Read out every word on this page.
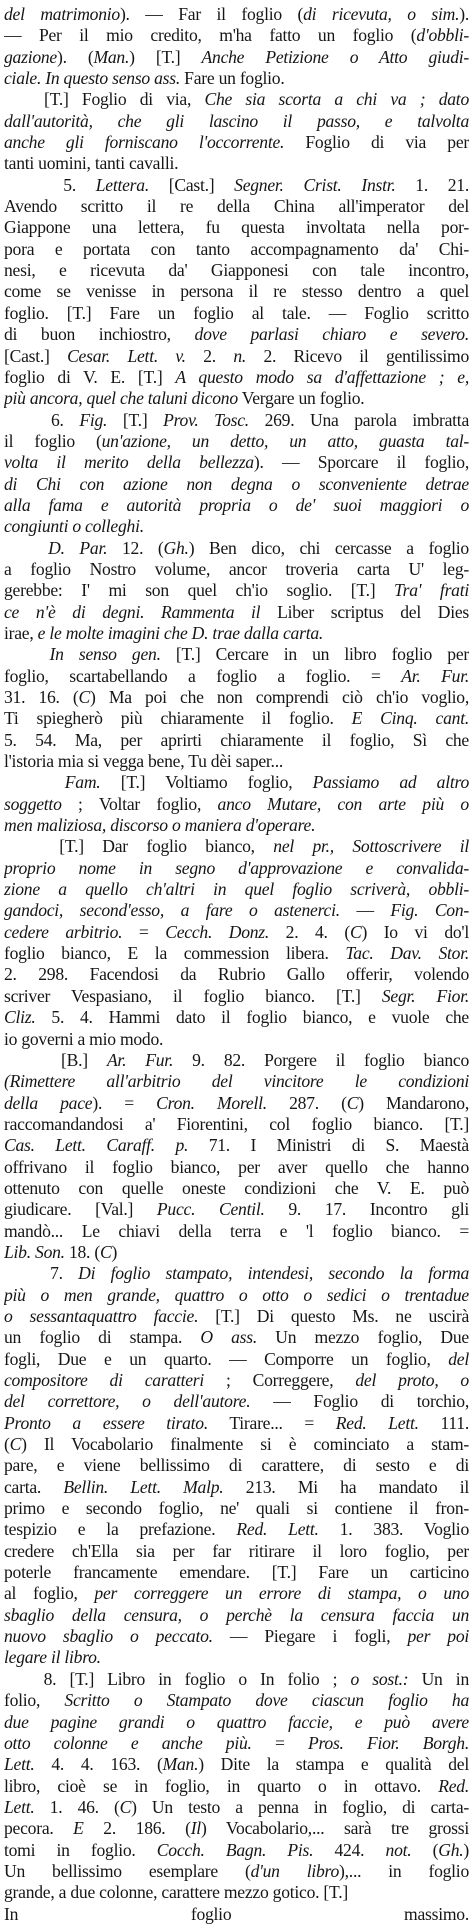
del matrimonio). — Far il foglio (di ricevuta, o sim.).
— Per il mio credito, m'ha fatto un foglio (d'obbli-
gazione). (Man.) [T.] Anche Petizione o Atto giudi-
ciale. In questo senso ass. Fare un foglio.
[T.] Foglio di via, Che sia scorta a chi va ; dato
dall'autorità, che gli lascino il passo, e talvolta
anche gli forniscano l'occorrente. Foglio di via per
tanti uomini, tanti cavalli.
5. Lettera. [Cast.] Segner. Crist. Instr. 1. 21.
Avendo scritto il re della China all'imperator del
Giappone una lettera, fu questa involtata nella por-
pora e portata con tanto accompagnamento da' Chi-
nesi, e ricevuta da' Giapponesi con tale incontro,
come se venisse in persona il re stesso dentro a quel
foglio. [T.] Fare un foglio al tale. — Foglio scritto
di buon inchiostro, dove parlasi chiaro e severo.
[Cast.] Cesar. Lett. v. 2. n. 2. Ricevo il gentilissimo
foglio di V. E. [T.] A questo modo sa d'affettazione ; e,
più ancora, quel che taluni dicono Vergare un foglio.
6. Fig. [T.] Prov. Tosc. 269. Una parola imbratta
il foglio (un'azione, un detto, un atto, guasta tal-
volta il merito della bellezza). — Sporcare il foglio,
di Chi con azione non degna o sconveniente detrae
alla fama e autorità propria o de' suoi maggiori o
congiunti o colleghi.
D. Par. 12. (Gh.) Ben dico, chi cercasse a foglio
a foglio Nostro volume, ancor troveria carta U' leg-
gerebbe: I' mi son quel ch'io soglio. [T.] Tra' frati
ce n'è di degni. Rammenta il Liber scriptus del Dies
irae, e le molte imagini che D. trae dalla carta.
In senso gen. [T.] Cercare in un libro foglio per
foglio, scartabellando a foglio a foglio. = Ar. Fur.
31. 16. (C) Ma poi che non comprendi ciò ch'io voglio,
Ti spiegherò più chiaramente il foglio. E Cinq. cant.
5. 54. Ma, per aprirti chiaramente il foglio, Sì che
l'istoria mia si vegga bene, Tu dèi saper...
Fam. [T.] Voltiamo foglio, Passiamo ad altro
soggetto ; Voltar foglio, anco Mutare, con arte più o
men maliziosa, discorso o maniera d'operare.
[T.] Dar foglio bianco, nel pr., Sottoscrivere il
proprio nome in segno d'approvazione e convalida-
zione a quello ch'altri in quel foglio scriverà, obbli-
gandoci, second'esso, a fare o astenerci. — Fig. Con-
cedere arbitrio. = Cecch. Donz. 2. 4. (C) Io vi do'l
foglio bianco, E la commession libera. Tac. Dav. Stor.
2. 298. Facendosi da Rubrio Gallo offerir, volendo
scriver Vespasiano, il foglio bianco. [T.] Segr. Fior.
Cliz. 5. 4. Hammi dato il foglio bianco, e vuole che
io governi a mio modo.
[B.] Ar. Fur. 9. 82. Porgere il foglio bianco
(Rimettere all'arbitrio del vincitore le condizioni
della pace). = Cron. Morell. 287. (C) Mandarono,
raccomandandosi a' Fiorentini, col foglio bianco. [T.]
Cas. Lett. Caraff. p. 71. I Ministri di S. Maestà
offrivano il foglio bianco, per aver quello che hanno
ottenuto con quelle oneste condizioni che V. E. può
giudicare. [Val.] Pucc. Centil. 9. 17. Incontro gli
mandò... Le chiavi della terra e 'l foglio bianco. =
Lib. Son. 18. (C)
7. Di foglio stampato, intendesi, secondo la forma
più o men grande, quattro o otto o sedici o trentadue
o sessantaquattro faccie. [T.] Di questo Ms. ne uscirà
un foglio di stampa. O ass. Un mezzo foglio, Due
fogli, Due e un quarto. — Comporre un foglio, del
compositore di caratteri ; Correggere, del proto, o
del correttore, o dell'autore. — Foglio di torchio,
Pronto a essere tirato. Tirare... = Red. Lett. 111.
(C) Il Vocabolario finalmente si è cominciato a stam-
pare, e viene bellissimo di carattere, di sesto e di
carta. Bellin. Lett. Malp. 213. Mi ha mandato il
primo e secondo foglio, ne' quali si contiene il fron-
tespizio e la prefazione. Red. Lett. 1. 383. Voglio
credere ch'Ella sia per far ritirare il loro foglio, per
poterle francamente emendare. [T.] Fare un carticino
al foglio, per correggere un errore di stampa, o uno
sbaglio della censura, o perchè la censura faccia un
nuovo sbaglio o peccato. — Piegare i fogli, per poi
legare il libro.
8. [T.] Libro in foglio o In folio ; o sost.: Un in
folio, Scritto o Stampato dove ciascun foglio ha
due pagine grandi o quattro faccie, e può avere
otto colonne e anche più. = Pros. Fior. Borgh.
Lett. 4. 4. 163. (Man.) Dite la stampa e qualità del
libro, cioè se in foglio, in quarto o in ottavo. Red.
Lett. 1. 46. (C) Un testo a penna in foglio, di carta-
pecora. E 2. 186. (Il) Vocabolario,... sarà tre grossi
tomi in foglio. Cocch. Bagn. Pis. 424. not. (Gh.)
Un bellissimo esemplare (d'un libro),... in foglio
grande, a due colonne, carattere mezzo gotico. [T.]
In foglio massimo.
